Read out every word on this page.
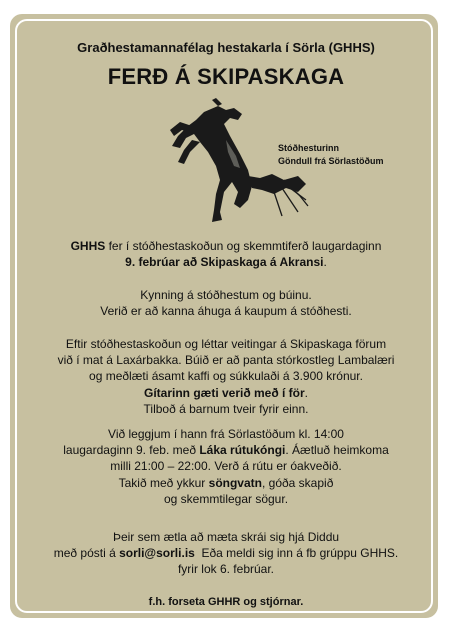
Graðhestamannafélag hestakarla í Sörla (GHHS)
FERÐ Á SKIPASKAGA
Stóðhesturinn
Göndull frá Sörlastöðum
GHHS fer í stóðhestaskoðun og skemmtiferð laugardaginn
9. febrúar að Skipaskaga á Akransi.
Kynning á stóðhestum og búinu.
Verið er að kanna áhuga á kaupum á stóðhesti.
Eftir stóðhestaskoðun og léttar veitingar á Skipaskaga förum
við í mat á Laxárbakka. Búið er að panta stórkostleg Lambalæri
og meðlæti ásamt kaffi og súkkulaði á 3.900 krónur.
Gítarinn gæti verið með í för.
Tilboð á barnum tveir fyrir einn.
Við leggjum í hann frá Sörlastöðum kl. 14:00
laugardaginn 9. feb. með Láka rútukóngi. Áætluð heimkoma
milli 21:00 – 22:00. Verð á rútu er óakveðið.
Takið með ykkur söngvatn, góða skapið
og skemmtilegar sögur.
Þeir sem ætla að mæta skrái sig hjá Diddu
með pósti á sorli@sorli.is  Eða meldi sig inn á fb grúppu GHHS.
fyrir lok 6. febrúar.
f.h. forseta GHHR og stjórnar.
